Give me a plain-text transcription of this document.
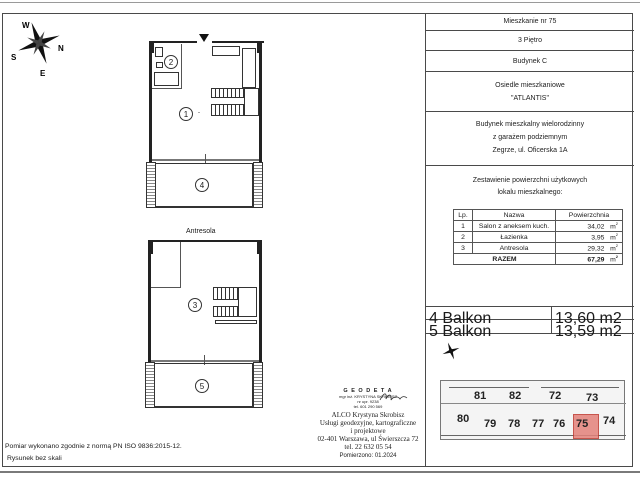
W
N
S
E
2
1	-
4
Antresola
3
5
Pomiar wykonano zgodnie z normą PN ISO 9836:2015-12.
Rysunek bez skali
G E O D E T A
mgr inż. KRYSTYNA SKROBISZ
nr upr. 9238
tel. 601 290 569
ALCO Krystyna Skrobisz
Usługi geodezyjne, kartograficzne
i projektowe
02-401 Warszawa, ul Świerszcza 72
tel. 22 632 05 54
Pomierzono: 01.2024
Mieszkanie nr 75
3 Piętro
Budynek C
Osiedle mieszkaniowe
"ATLANTIS"
Budynek mieszkalny wielorodzinny
z garażem podziemnym
Zegrze, ul. Oficerska 1A
Zestawienie powierzchni użytkowych
lokalu mieszkalnego:
Lp.	Nazwa	Powierzchnia
1	Salon z aneksem kuch.	34,02 $m^2$
2	Łazienka	3,95 $m^2$
3	Antresola	29,32 $m^2$
RAZEM		67,29 $m^2$
4 Balkon	13,60 m2
5 Balkon	13,59 m2
81 82	72 73
80 79 78 77 76 75 74
